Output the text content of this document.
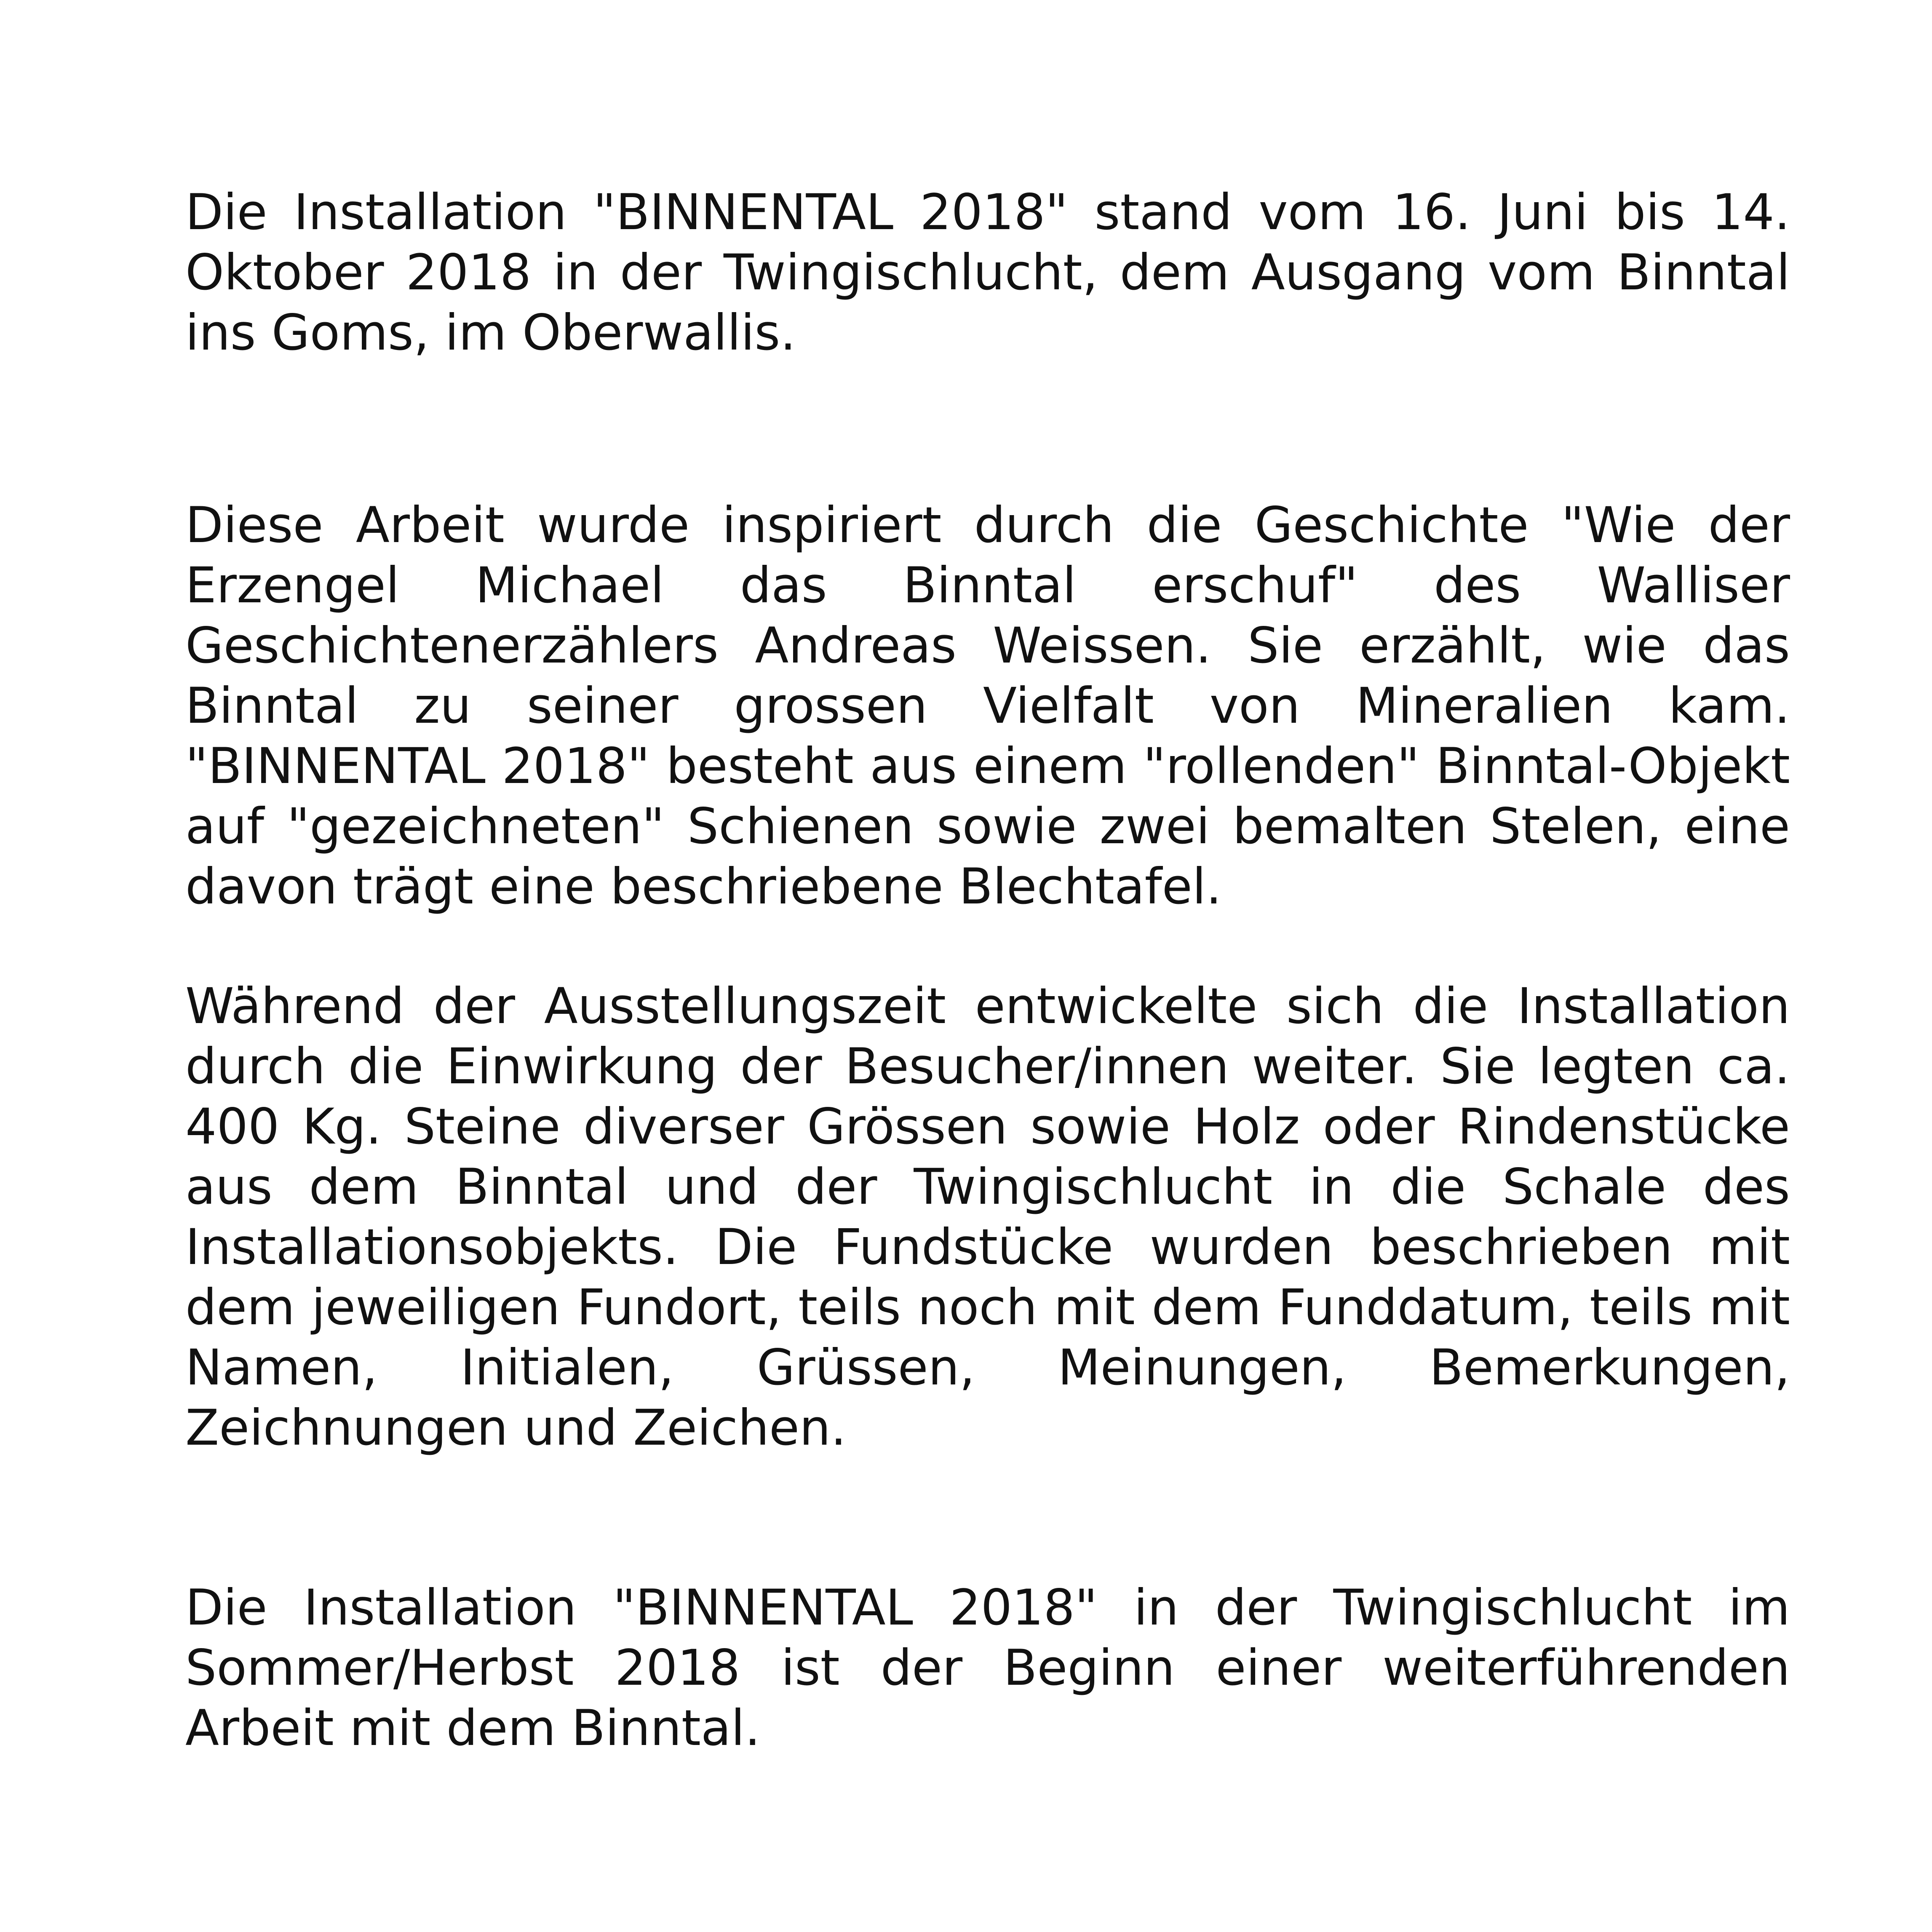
Die Installation "BINNENTAL 2018" stand vom 16. Juni bis 14.
Oktober 2018 in der Twingischlucht, dem Ausgang vom Binntal
ins Goms, im Oberwallis.
Diese Arbeit wurde inspiriert durch die Geschichte "Wie der
Erzengel Michael das Binntal erschuf" des Walliser
Geschichtenerzählers Andreas Weissen. Sie erzählt, wie das
Binntal zu seiner grossen Vielfalt von Mineralien kam.
"BINNENTAL 2018" besteht aus einem "rollenden" Binntal-Objekt
auf "gezeichneten" Schienen sowie zwei bemalten Stelen, eine
davon trägt eine beschriebene Blechtafel.
Während der Ausstellungszeit entwickelte sich die Installation
durch die Einwirkung der Besucher/innen weiter. Sie legten ca.
400 Kg. Steine diverser Grössen sowie Holz oder Rindenstücke
aus dem Binntal und der Twingischlucht in die Schale des
Installationsobjekts. Die Fundstücke wurden beschrieben mit
dem jeweiligen Fundort, teils noch mit dem Funddatum, teils mit
Namen, Initialen, Grüssen, Meinungen, Bemerkungen,
Zeichnungen und Zeichen.
Die Installation "BINNENTAL 2018" in der Twingischlucht im
Sommer/Herbst 2018 ist der Beginn einer weiterführenden
Arbeit mit dem Binntal.
